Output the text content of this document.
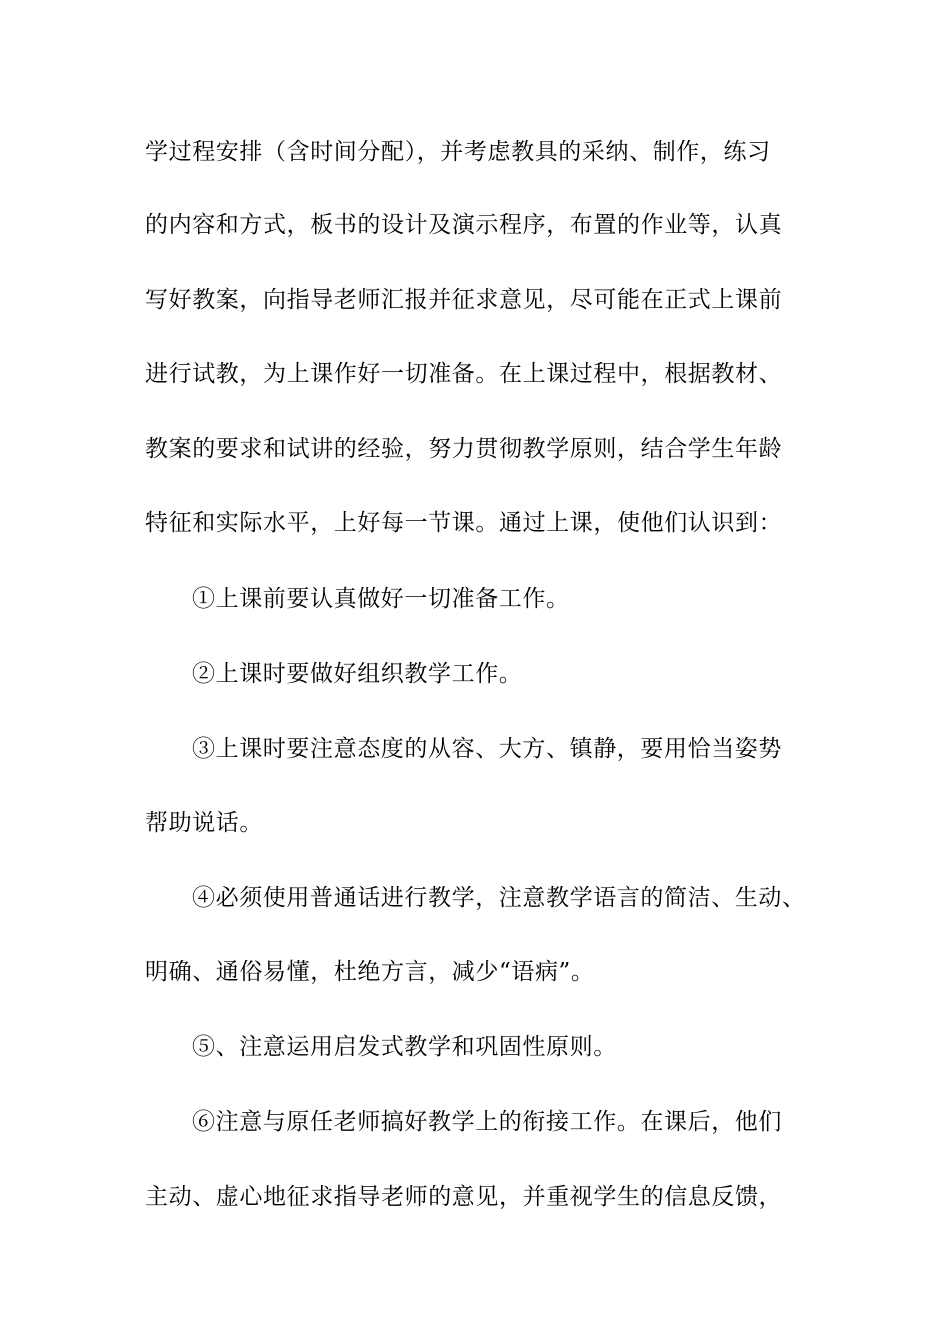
学过程安排（含时间分配），并考虑教具的采纳、制作，练习
的内容和方式，板书的设计及演示程序，布置的作业等，认真
写好教案，向指导老师汇报并征求意见，尽可能在正式上课前
进行试教，为上课作好一切准备。在上课过程中，根据教材、
教案的要求和试讲的经验，努力贯彻教学原则，结合学生年龄
特征和实际水平，上好每一节课。通过上课，使他们认识到：
①上课前要认真做好一切准备工作。
②上课时要做好组织教学工作。
③上课时要注意态度的从容、大方、镇静，要用恰当姿势
帮助说话。
④必须使用普通话进行教学，注意教学语言的简洁、生动、
明确、通俗易懂，杜绝方言，减少“语病”。
⑤、注意运用启发式教学和巩固性原则。
⑥注意与原任老师搞好教学上的衔接工作。在课后，他们
主动、虚心地征求指导老师的意见，并重视学生的信息反馈，
